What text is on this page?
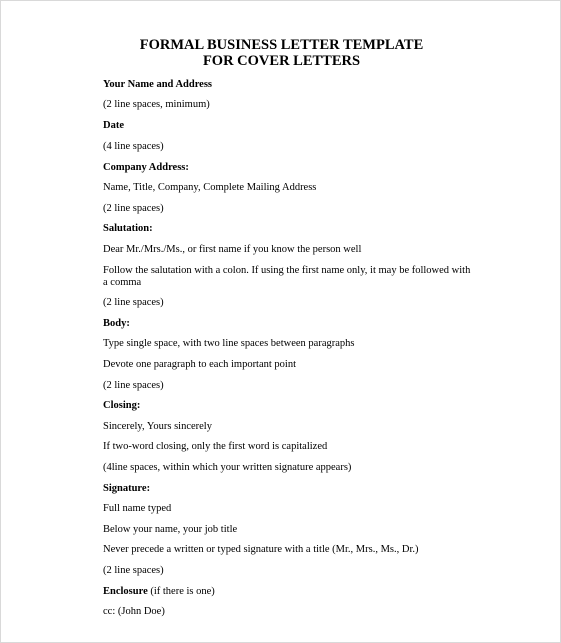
FORMAL BUSINESS LETTER TEMPLATE
FOR COVER LETTERS
Your Name and Address
(2 line spaces, minimum)
Date
(4 line spaces)
Company Address:
Name, Title, Company, Complete Mailing Address
(2 line spaces)
Salutation:
Dear Mr./Mrs./Ms., or first name if you know the person well
Follow the salutation with a colon. If using the first name only, it may be followed with
a comma
(2 line spaces)
Body:
Type single space, with two line spaces between paragraphs
Devote one paragraph to each important point
(2 line spaces)
Closing:
Sincerely, Yours sincerely
If two-word closing, only the first word is capitalized
(4line spaces, within which your written signature appears)
Signature:
Full name typed
Below your name, your job title
Never precede a written or typed signature with a title (Mr., Mrs., Ms., Dr.)
(2 line spaces)
Enclosure (if there is one)
cc: (John Doe)
